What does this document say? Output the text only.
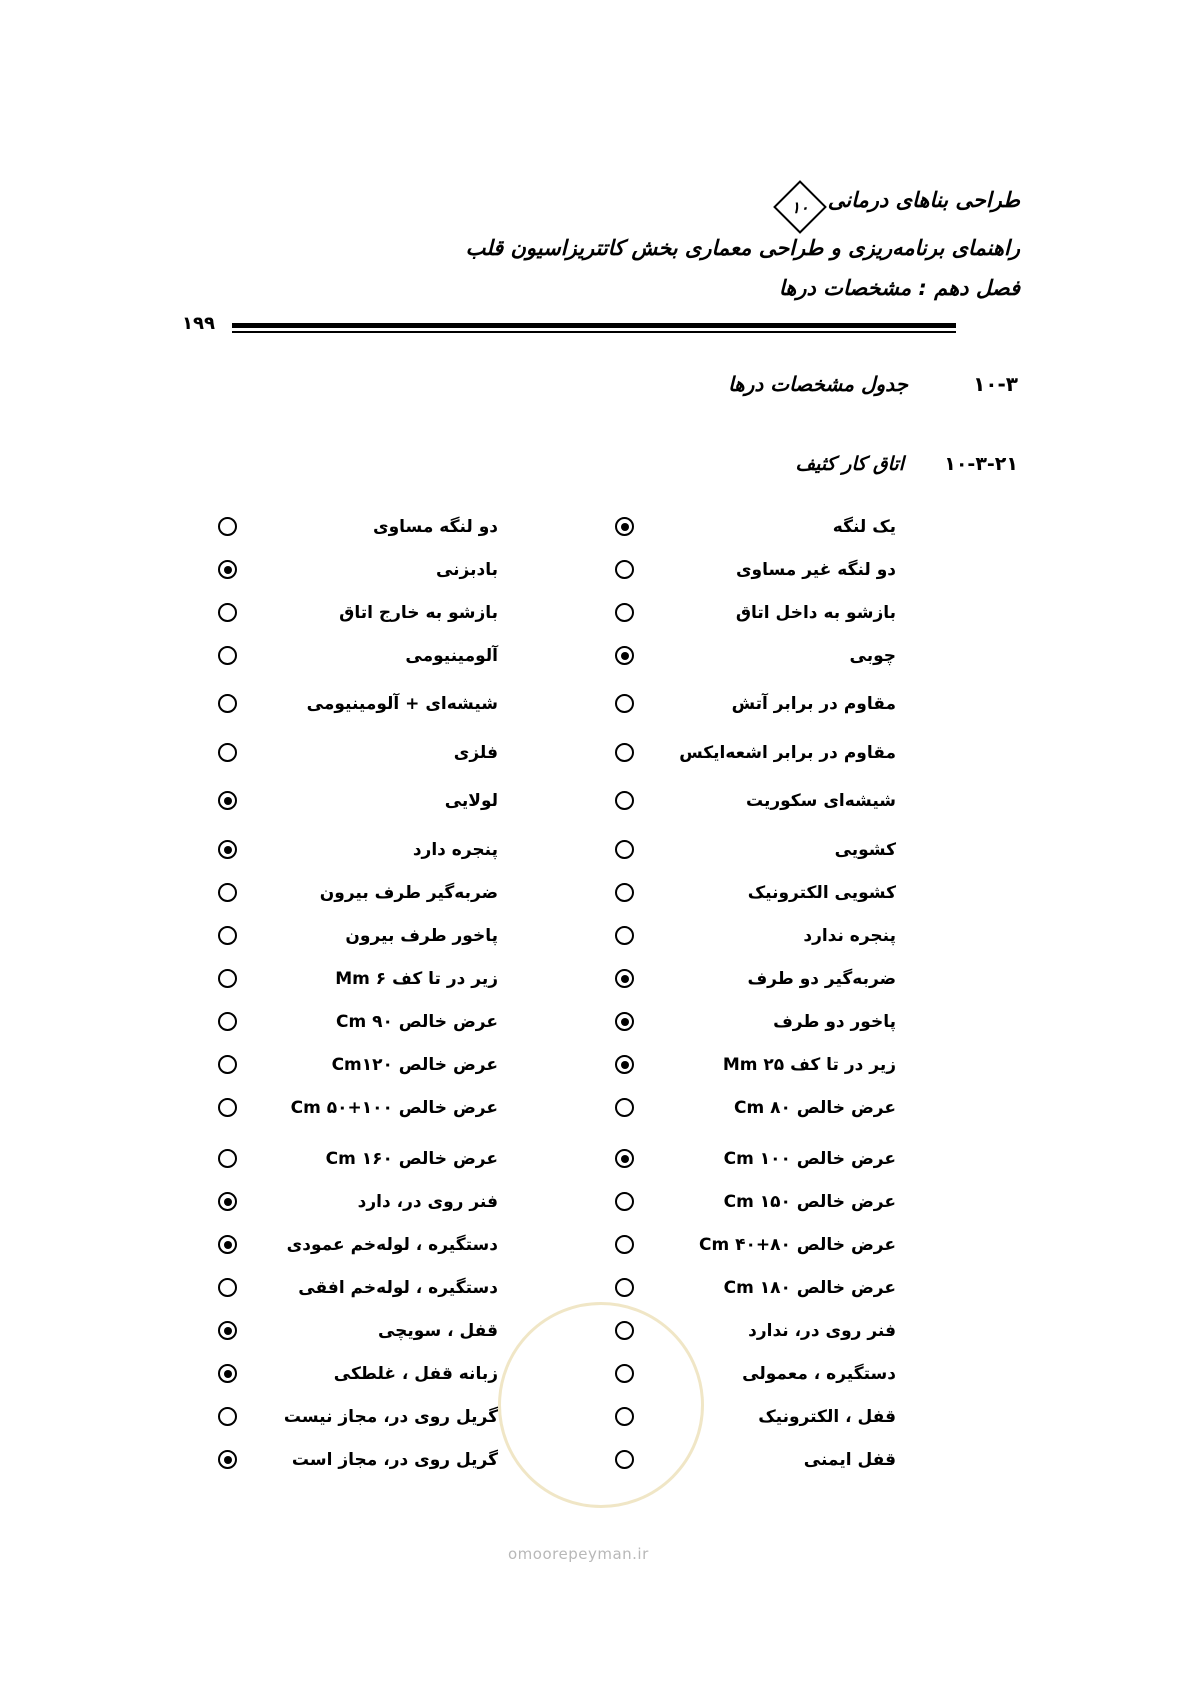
طراحی بناهای درمانی
۱۰
راهنمای برنامه‌ریزی و طراحی معماری بخش کاتتریزاسیون قلب
فصل دهم : مشخصات درها
۱۹۹
۱۰-۳
جدول مشخصات درها
۱۰-۳-۲۱
اتاق کار کثیف
omoorepeyman.ir
یک لنگه
دو لنگه غیر مساوی
بازشو به داخل اتاق
چوبی
مقاوم در برابر آتش
مقاوم در برابر اشعه‌ایکس
شیشه‌ای سکوریت
کشویی
کشویی الکترونیک
پنجره ندارد
ضربه‌گیر دو طرف
پاخور دو طرف
زیر در تا کف Mm ۲۵
عرض خالص Cm ۸۰
عرض خالص Cm ۱۰۰
عرض خالص Cm ۱۵۰
عرض خالص Cm ۴۰+۸۰
عرض خالص Cm ۱۸۰
فنر روی در، ندارد
دستگیره ، معمولی
قفل ، الکترونیک
قفل ایمنی
دو لنگه مساوی
بادبزنی
بازشو به خارج اتاق
آلومینیومی
شیشه‌ای + آلومینیومی
فلزی
لولایی
پنجره دارد
ضربه‌گیر طرف بیرون
پاخور طرف بیرون
زیر در تا کف Mm ۶
عرض خالص Cm ۹۰
عرض خالص Cm۱۲۰
عرض خالص Cm ۵۰+۱۰۰
عرض خالص Cm ۱۶۰
فنر روی در، دارد
دستگیره ، لوله‌خم عمودی
دستگیره ، لوله‌خم افقی
قفل ، سویچی
زبانه قفل ، غلطکی
گریل روی در، مجاز نیست
گریل روی در، مجاز است
